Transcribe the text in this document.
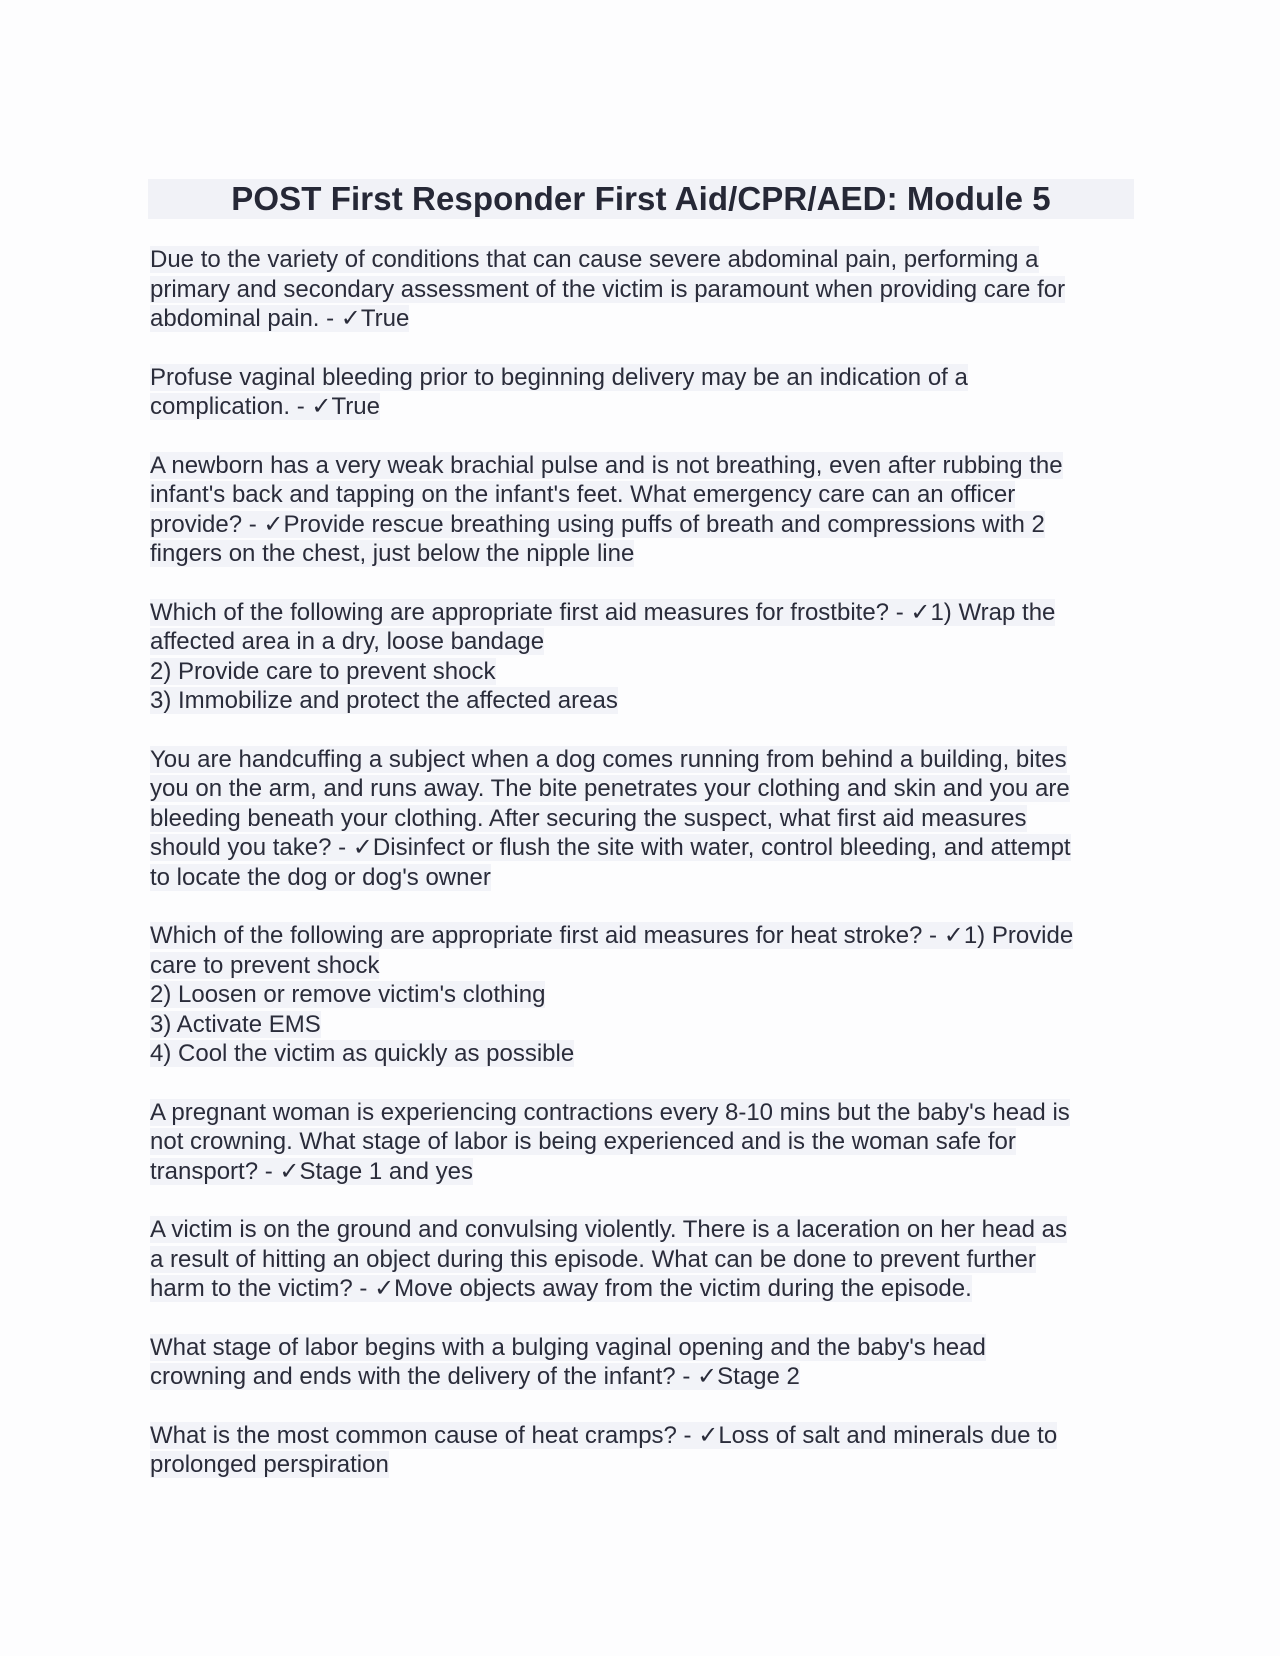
POST First Responder First Aid/CPR/AED: Module 5
Due to the variety of conditions that can cause severe abdominal pain, performing a
primary and secondary assessment of the victim is paramount when providing care for
abdominal pain. - ✓True
Profuse vaginal bleeding prior to beginning delivery may be an indication of a
complication. - ✓True
A newborn has a very weak brachial pulse and is not breathing, even after rubbing the
infant's back and tapping on the infant's feet. What emergency care can an officer
provide? - ✓Provide rescue breathing using puffs of breath and compressions with 2
fingers on the chest, just below the nipple line
Which of the following are appropriate first aid measures for frostbite? - ✓1) Wrap the
affected area in a dry, loose bandage
2) Provide care to prevent shock
3) Immobilize and protect the affected areas
You are handcuffing a subject when a dog comes running from behind a building, bites
you on the arm, and runs away. The bite penetrates your clothing and skin and you are
bleeding beneath your clothing. After securing the suspect, what first aid measures
should you take? - ✓Disinfect or flush the site with water, control bleeding, and attempt
to locate the dog or dog's owner
Which of the following are appropriate first aid measures for heat stroke? - ✓1) Provide
care to prevent shock
2) Loosen or remove victim's clothing
3) Activate EMS
4) Cool the victim as quickly as possible
A pregnant woman is experiencing contractions every 8-10 mins but the baby's head is
not crowning. What stage of labor is being experienced and is the woman safe for
transport? - ✓Stage 1 and yes
A victim is on the ground and convulsing violently. There is a laceration on her head as
a result of hitting an object during this episode. What can be done to prevent further
harm to the victim? - ✓Move objects away from the victim during the episode.
What stage of labor begins with a bulging vaginal opening and the baby's head
crowning and ends with the delivery of the infant? - ✓Stage 2
What is the most common cause of heat cramps? - ✓Loss of salt and minerals due to
prolonged perspiration
